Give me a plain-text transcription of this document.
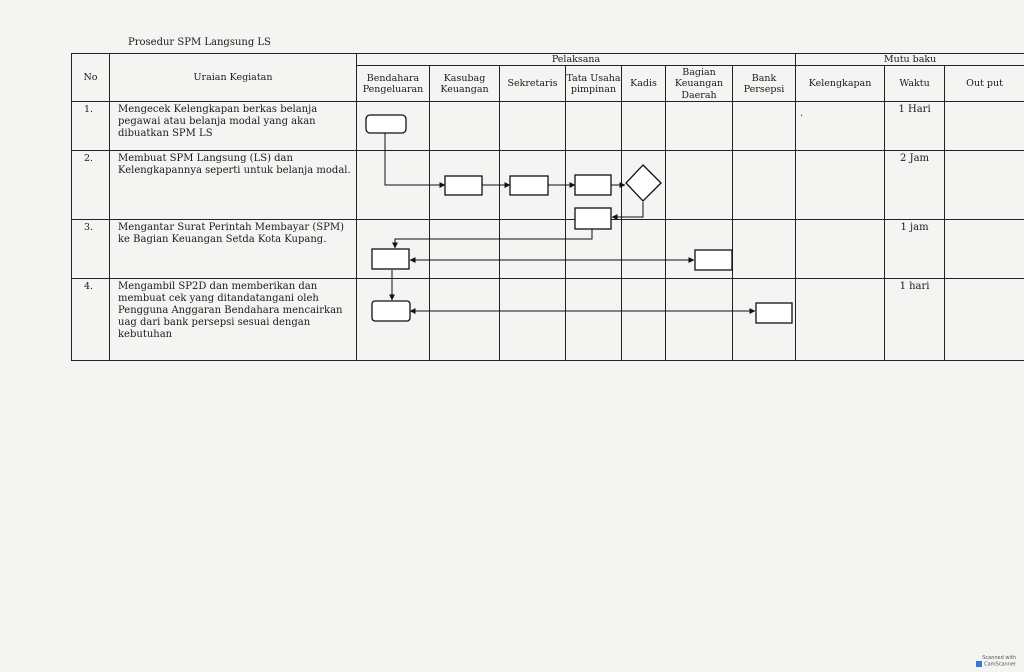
Prosedur SPM Langsung LS
No	Uraian Kegiatan	Pelaksana							Mutu baku		
		Bendahara Pengeluaran	Kasubag Keuangan	Sekretaris	Tata Usaha pimpinan	Kadis	Bagian Keuangan Daerah	Bank Persepsi	Kelengkapan	Waktu	Out put
1.	Mengecek Kelengkapan berkas belanja pegawai atau belanja modal yang akan dibuatkan SPM LS								.	1 Hari	
2.	Membuat SPM Langsung (LS) dan Kelengkapannya seperti untuk belanja modal.									2 Jam	
3.	Mengantar Surat Perintah Membayar (SPM) ke Bagian Keuangan Setda Kota Kupang.									1 jam	
4.	Mengambil SP2D dan memberikan dan membuat cek yang ditandatangani oleh Pengguna Anggaran Bendahara mencairkan uag dari bank persepsi sesuai dengan kebutuhan									1 hari	
Scanned with
CamScanner
